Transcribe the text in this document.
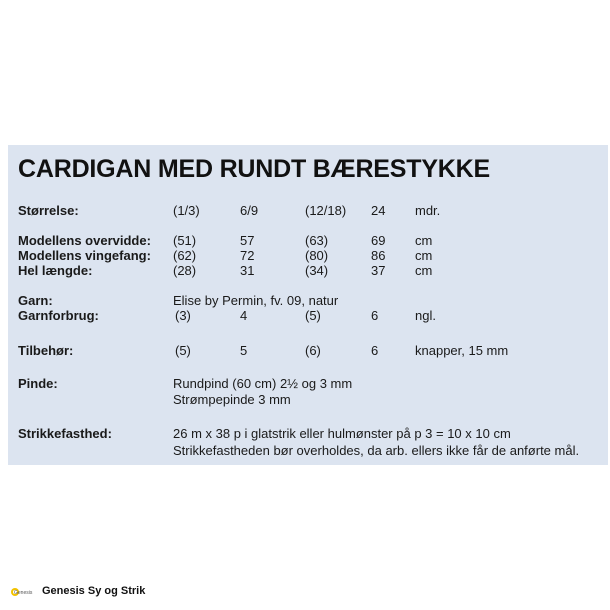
CARDIGAN MED RUNDT BÆRESTYKKE
Størrelse:	(1/3)	6/9	(12/18) 24 mdr.
Modellens overvidde: (51)	57	(63)	69 cm
Modellens vingefang: (62)	72	(80)	86 cm
Hel længde:	(28)	31	(34)	37 cm
Garn:	Elise by Permin, fv. 09, natur
Garnforbrug:	(3)	4	(5)	6	ngl.
Tilbehør:	(5)	5	(6)	6	knapper, 15 mm
Pinde:	Rundpind (60 cm) 2½ og 3 mm
Strømpepinde 3 mm
Strikkefasthed:	26 m x 38 p i glatstrik eller hulmønster på p 3 = 10 x 10 cm
Strikkefastheden bør overholdes, da arb. ellers ikke får de anførte mål.
Genesis Genesis Sy og Strik
